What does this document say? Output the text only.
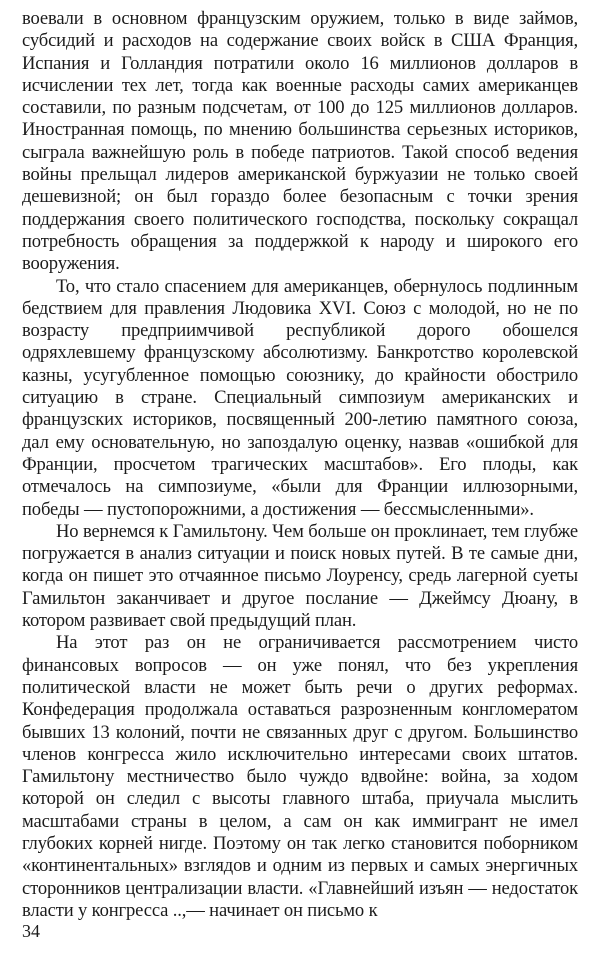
воевали в основном французским оружием, только в виде займов, субсидий и расходов на содержание своих войск в США Франция, Испания и Голландия потратили около 16 миллионов долларов в исчислении тех лет, тогда как военные расходы самих американцев составили, по разным подсчетам, от 100 до 125 миллионов долларов. Иностранная помощь, по мнению большинства серьезных историков, сыграла важнейшую роль в победе патриотов. Такой способ ведения войны прельщал лидеров американской буржуазии не только своей дешевизной; он был гораздо более безопасным с точки зрения поддержания своего политического господства, поскольку сокращал потребность обращения за поддержкой к народу и широкого его вооружения.

То, что стало спасением для американцев, обернулось подлинным бедствием для правления Людовика XVI. Союз с молодой, но не по возрасту предприимчивой республикой дорого обошелся одряхлевшему французскому абсолютизму. Банкротство королевской казны, усугубленное помощью союзнику, до крайности обострило ситуацию в стране. Специальный симпозиум американских и французских историков, посвященный 200-летию памятного союза, дал ему основательную, но запоздалую оценку, назвав «ошибкой для Франции, просчетом трагических масштабов». Его плоды, как отмечалось на симпозиуме, «были для Франции иллюзорными, победы — пустопорожними, а достижения — бессмысленными».

Но вернемся к Гамильтону. Чем больше он проклинает, тем глубже погружается в анализ ситуации и поиск новых путей. В те самые дни, когда он пишет это отчаянное письмо Лоуренсу, средь лагерной суеты Гамильтон заканчивает и другое послание — Джеймсу Дюану, в котором развивает свой предыдущий план.

На этот раз он не ограничивается рассмотрением чисто финансовых вопросов — он уже понял, что без укрепления политической власти не может быть речи о других реформах. Конфедерация продолжала оставаться разрозненным конгломератом бывших 13 колоний, почти не связанных друг с другом. Большинство членов конгресса жило исключительно интересами своих штатов. Гамильтону местничество было чуждо вдвойне: война, за ходом которой он следил с высоты главного штаба, приучала мыслить масштабами страны в целом, а сам он как иммигрант не имел глубоких корней нигде. Поэтому он так легко становится поборником «континентальных» взглядов и одним из первых и самых энергичных сторонников централизации власти. «Главнейший изъян — недостаток власти у конгресса ..,— начинает он письмо к

34
